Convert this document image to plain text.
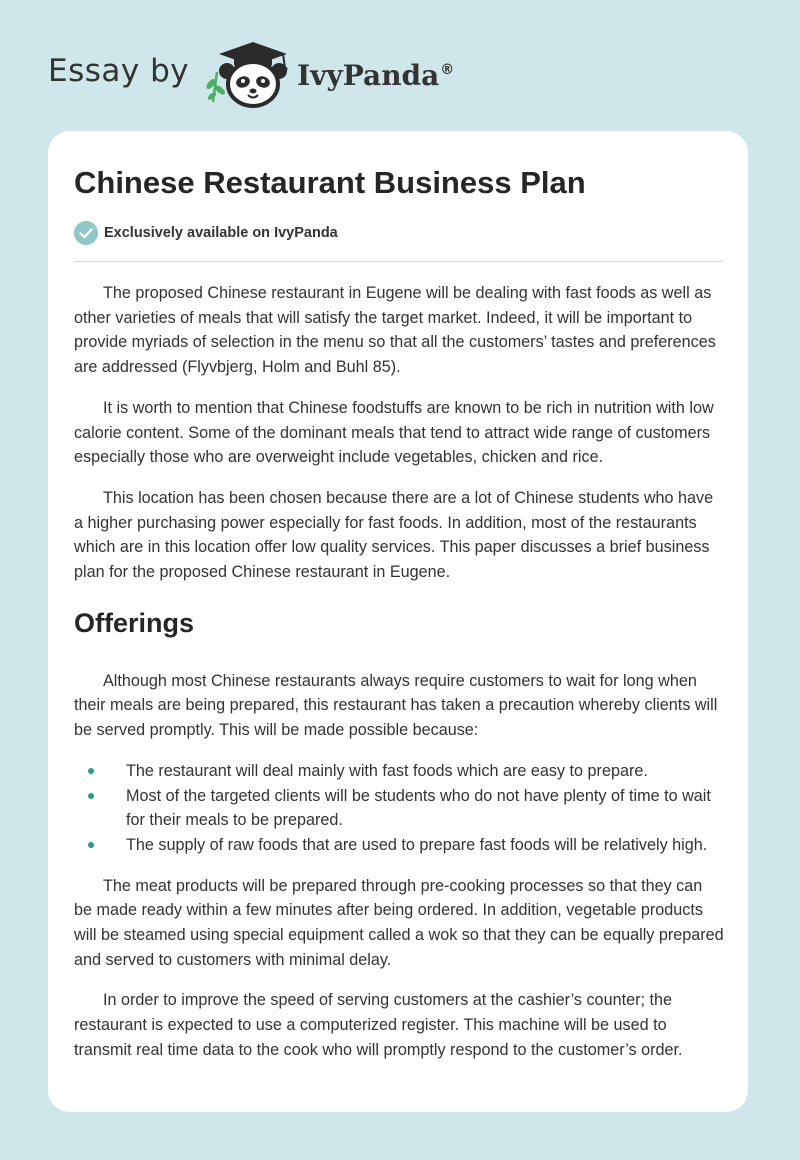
Essay by	IvyPanda®
Chinese Restaurant Business Plan
Exclusively available on IvyPanda

The proposed Chinese restaurant in Eugene will be dealing with fast foods as well as other varieties of meals that will satisfy the target market. Indeed, it will be important to provide myriads of selection in the menu so that all the customers’ tastes and preferences are addressed (Flyvbjerg, Holm and Buhl 85).

It is worth to mention that Chinese foodstuffs are known to be rich in nutrition with low calorie content. Some of the dominant meals that tend to attract wide range of customers especially those who are overweight include vegetables, chicken and rice.

This location has been chosen because there are a lot of Chinese students who have a higher purchasing power especially for fast foods. In addition, most of the restaurants which are in this location offer low quality services. This paper discusses a brief business plan for the proposed Chinese restaurant in Eugene.

Offerings

Although most Chinese restaurants always require customers to wait for long when their meals are being prepared, this restaurant has taken a precaution whereby clients will be served promptly. This will be made possible because:

The restaurant will deal mainly with fast foods which are easy to prepare.
Most of the targeted clients will be students who do not have plenty of time to wait for their meals to be prepared.
The supply of raw foods that are used to prepare fast foods will be relatively high.

The meat products will be prepared through pre-cooking processes so that they can be made ready within a few minutes after being ordered. In addition, vegetable products will be steamed using special equipment called a wok so that they can be equally prepared and served to customers with minimal delay.

In order to improve the speed of serving customers at the cashier’s counter; the restaurant is expected to use a computerized register. This machine will be used to transmit real time data to the cook who will promptly respond to the customer’s order.
